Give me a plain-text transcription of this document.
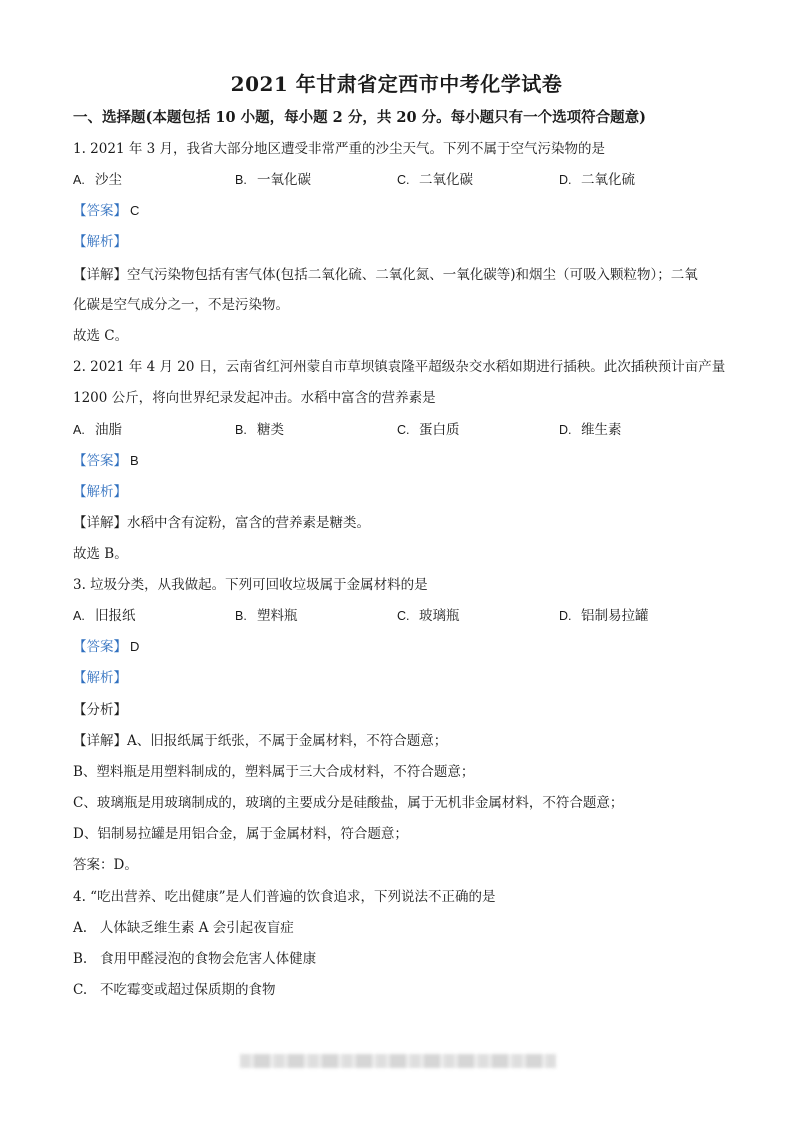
2021 年甘肃省定西市中考化学试卷
一、选择题(本题包括 10 小题，每小题 2 分，共 20 分。每小题只有一个选项符合题意)
1. 2021 年 3 月，我省大部分地区遭受非常严重的沙尘天气。下列不属于空气污染物的是
A. 沙尘	B. 一氧化碳	C. 二氧化碳	D. 二氧化硫
【答案】 C
【解析】
【详解】空气污染物包括有害气体(包括二氧化硫、二氧化氮、一氧化碳等)和烟尘（可吸入颗粒物）；二氧
化碳是空气成分之一，不是污染物。
故选 C。
2. 2021 年 4 月 20 日，云南省红河州蒙自市草坝镇袁隆平超级杂交水稻如期进行插秧。此次插秧预计亩产量
1200 公斤，将向世界纪录发起冲击。水稻中富含的营养素是
A. 油脂	B. 糖类	C. 蛋白质	D. 维生素
【答案】 B
【解析】
【详解】水稻中含有淀粉，富含的营养素是糖类。
故选 B。
3. 垃圾分类，从我做起。下列可回收垃圾属于金属材料的是
A. 旧报纸	B. 塑料瓶	C. 玻璃瓶	D. 铝制易拉罐
【答案】 D
【解析】
【分析】
【详解】A、旧报纸属于纸张，不属于金属材料，不符合题意；
B、塑料瓶是用塑料制成的，塑料属于三大合成材料，不符合题意；
C、玻璃瓶是用玻璃制成的，玻璃的主要成分是硅酸盐，属于无机非金属材料，不符合题意；
D、铝制易拉罐是用铝合金，属于金属材料，符合题意；
答案：D。
4. “吃出营养、吃出健康”是人们普遍的饮食追求，下列说法不正确的是
A.   人体缺乏维生素 A 会引起夜盲症
B.   食用甲醛浸泡的食物会危害人体健康
C.   不吃霉变或超过保质期的食物
